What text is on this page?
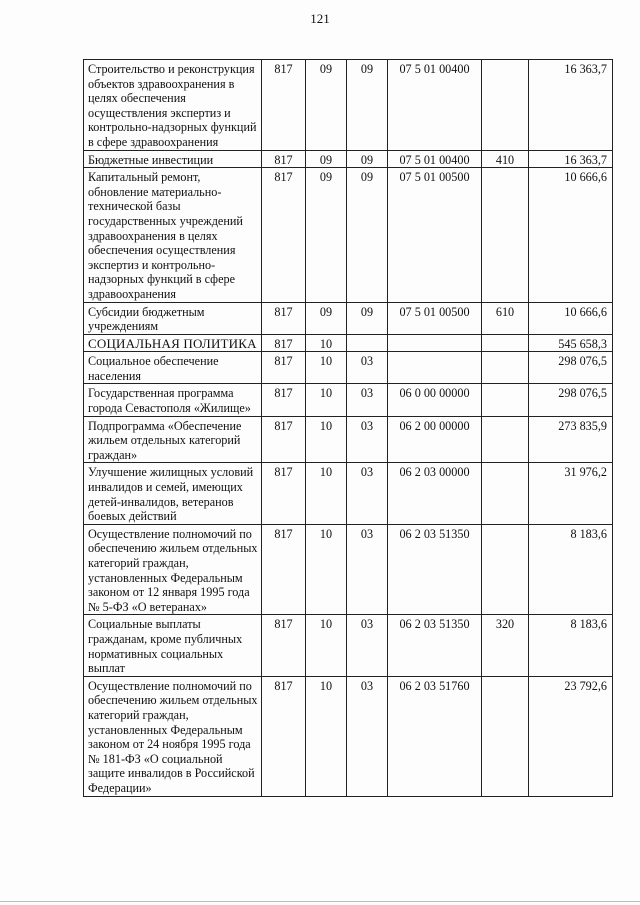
121
Строительство и реконструкция объектов здравоохранения в целях обеспечения осуществления экспертиз и контрольно-надзорных функций в сфере здравоохранения	817	09	09	07 5 01 00400		16 363,7
Бюджетные инвестиции	817	09	09	07 5 01 00400	410	16 363,7
Капитальный ремонт, обновление материально-технической базы государственных учреждений здравоохранения в целях обеспечения осуществления экспертиз и контрольно-надзорных функций в сфере здравоохранения	817	09	09	07 5 01 00500		10 666,6
Субсидии бюджетным учреждениям	817	09	09	07 5 01 00500	610	10 666,6
СОЦИАЛЬНАЯ ПОЛИТИКА	817	10				545 658,3
Социальное обеспечение населения	817	10	03			298 076,5
Государственная программа города Севастополя «Жилище»	817	10	03	06 0 00 00000		298 076,5
Подпрограмма «Обеспечение жильем отдельных категорий граждан»	817	10	03	06 2 00 00000		273 835,9
Улучшение жилищных условий инвалидов и семей, имеющих детей-инвалидов, ветеранов боевых действий	817	10	03	06 2 03 00000		31 976,2
Осуществление полномочий по обеспечению жильем отдельных категорий граждан, установленных Федеральным законом от 12 января 1995 года № 5-ФЗ «О ветеранах»	817	10	03	06 2 03 51350		8 183,6
Социальные выплаты гражданам, кроме публичных нормативных социальных выплат	817	10	03	06 2 03 51350	320	8 183,6
Осуществление полномочий по обеспечению жильем отдельных категорий граждан, установленных Федеральным законом от 24 ноября 1995 года № 181-ФЗ «О социальной защите инвалидов в Российской Федерации»	817	10	03	06 2 03 51760		23 792,6
